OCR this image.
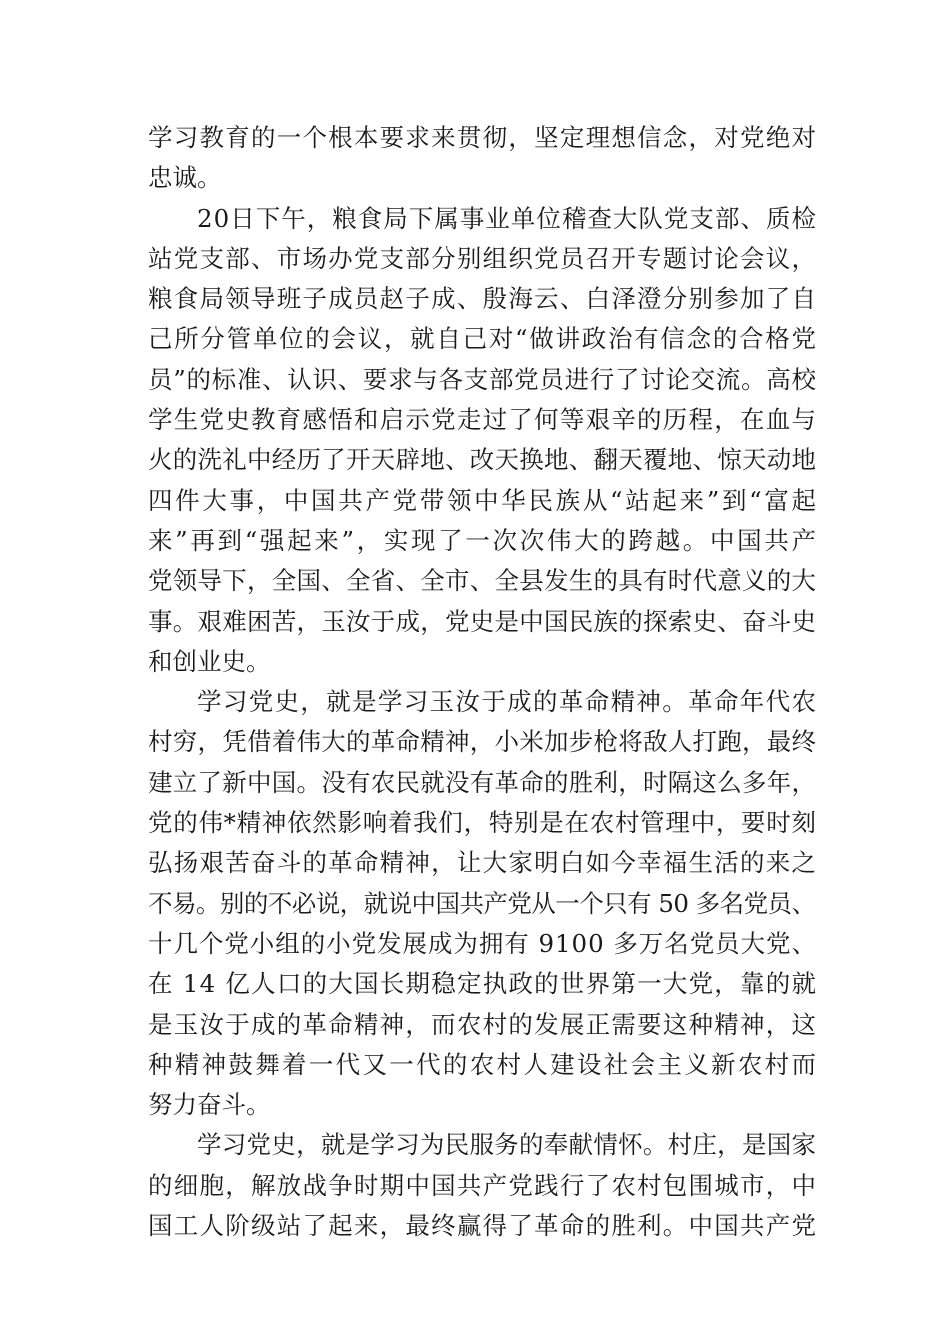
学习教育的一个根本要求来贯彻，坚定理想信念，对党绝对
忠诚。
20日下午，粮食局下属事业单位稽查大队党支部、质检
站党支部、市场办党支部分别组织党员召开专题讨论会议，
粮食局领导班子成员赵子成、殷海云、白泽澄分别参加了自
己所分管单位的会议，就自己对“做讲政治有信念的合格党
员”的标准、认识、要求与各支部党员进行了讨论交流。高校
学生党史教育感悟和启示党走过了何等艰辛的历程，在血与
火的洗礼中经历了开天辟地、改天换地、翻天覆地、惊天动地
四件大事，中国共产党带领中华民族从“站起来”到“富起
来”再到“强起来”，实现了一次次伟大的跨越。中国共产
党领导下，全国、全省、全市、全县发生的具有时代意义的大
事。艰难困苦，玉汝于成，党史是中国民族的探索史、奋斗史
和创业史。
学习党史，就是学习玉汝于成的革命精神。革命年代农
村穷，凭借着伟大的革命精神，小米加步枪将敌人打跑，最终
建立了新中国。没有农民就没有革命的胜利，时隔这么多年，
党的伟*精神依然影响着我们，特别是在农村管理中，要时刻
弘扬艰苦奋斗的革命精神，让大家明白如今幸福生活的来之
不易。别的不必说，就说中国共产党从一个只有 50 多名党员、
十几个党小组的小党发展成为拥有 9100 多万名党员大党、
在 14 亿人口的大国长期稳定执政的世界第一大党，靠的就
是玉汝于成的革命精神，而农村的发展正需要这种精神，这
种精神鼓舞着一代又一代的农村人建设社会主义新农村而
努力奋斗。
学习党史，就是学习为民服务的奉献情怀。村庄，是国家
的细胞，解放战争时期中国共产党践行了农村包围城市，中
国工人阶级站了起来，最终赢得了革命的胜利。中国共产党
